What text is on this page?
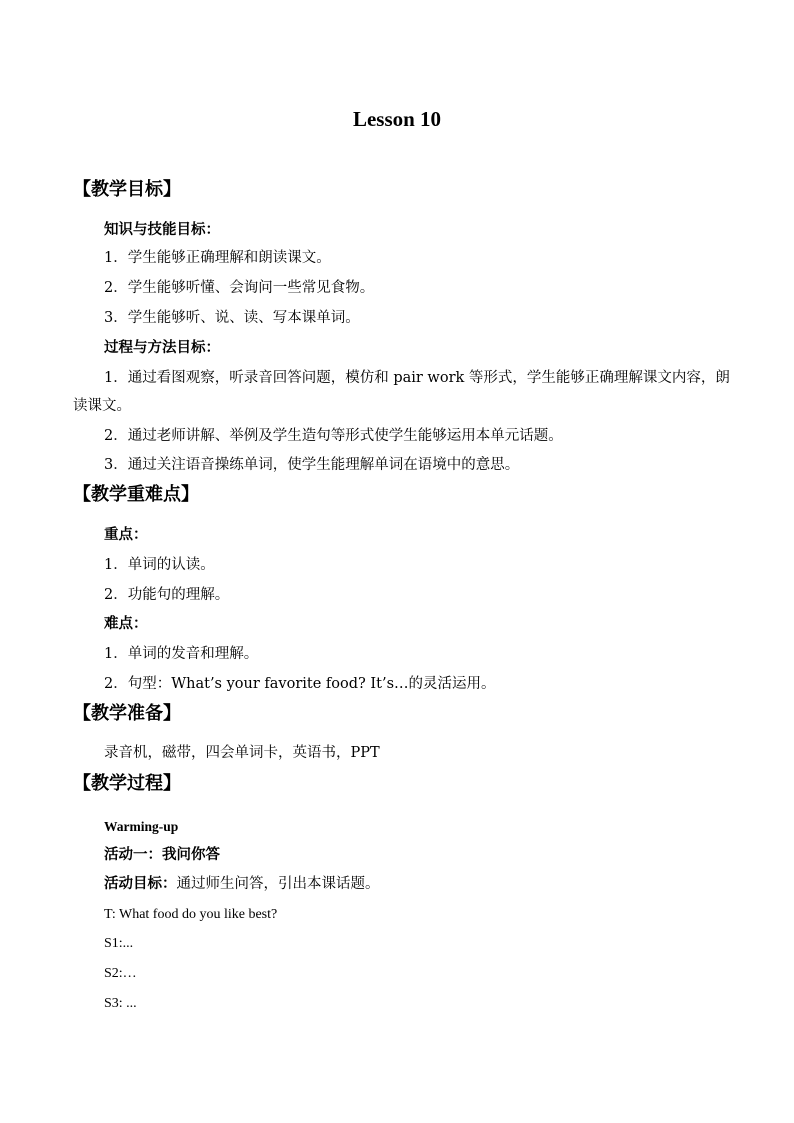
Lesson 10
【教学目标】
知识与技能目标：
1．学生能够正确理解和朗读课文。
2．学生能够听懂、会询问一些常见食物。
3．学生能够听、说、读、写本课单词。
过程与方法目标：
1．通过看图观察，听录音回答问题，模仿和 pair work 等形式，学生能够正确理解课文内容，朗读课文。
2．通过老师讲解、举例及学生造句等形式使学生能够运用本单元话题。
3．通过关注语音操练单词，使学生能理解单词在语境中的意思。
【教学重难点】
重点：
1．单词的认读。
2．功能句的理解。
难点：
1．单词的发音和理解。
2．句型：What’s your favorite food? It’s…的灵活运用。
【教学准备】
录音机，磁带，四会单词卡，英语书，PPT
【教学过程】
Warming-up
活动一：我问你答
活动目标：通过师生问答，引出本课话题。
T: What food do you like best?
S1:...
S2:…
S3: ...
